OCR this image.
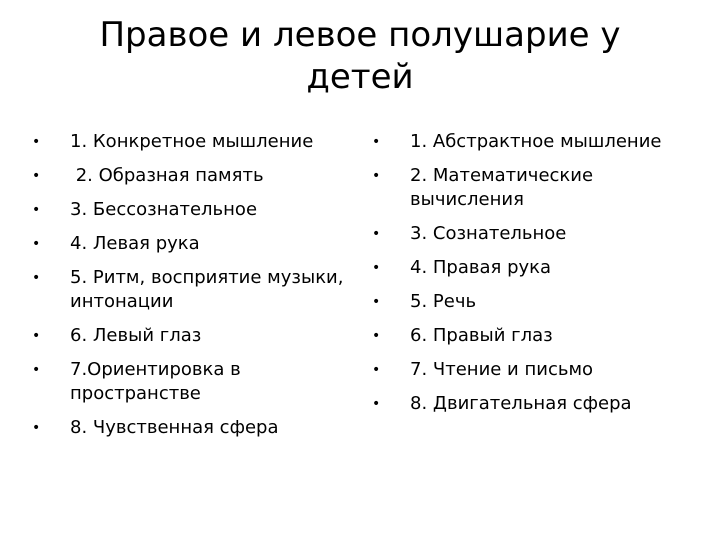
Правое и левое полушарие у детей
• 1. Конкретное мышление
• 2. Образная память
• 3. Бессознательное
• 4. Левая рука
• 5. Ритм, восприятие музыки, интонации
• 6. Левый глаз
• 7.Ориентировка в пространстве
• 8. Чувственная сфера
• 1. Абстрактное мышление
• 2. Математические вычисления
• 3. Сознательное
• 4. Правая рука
• 5. Речь
• 6. Правый глаз
• 7. Чтение и письмо
• 8. Двигательная сфера
